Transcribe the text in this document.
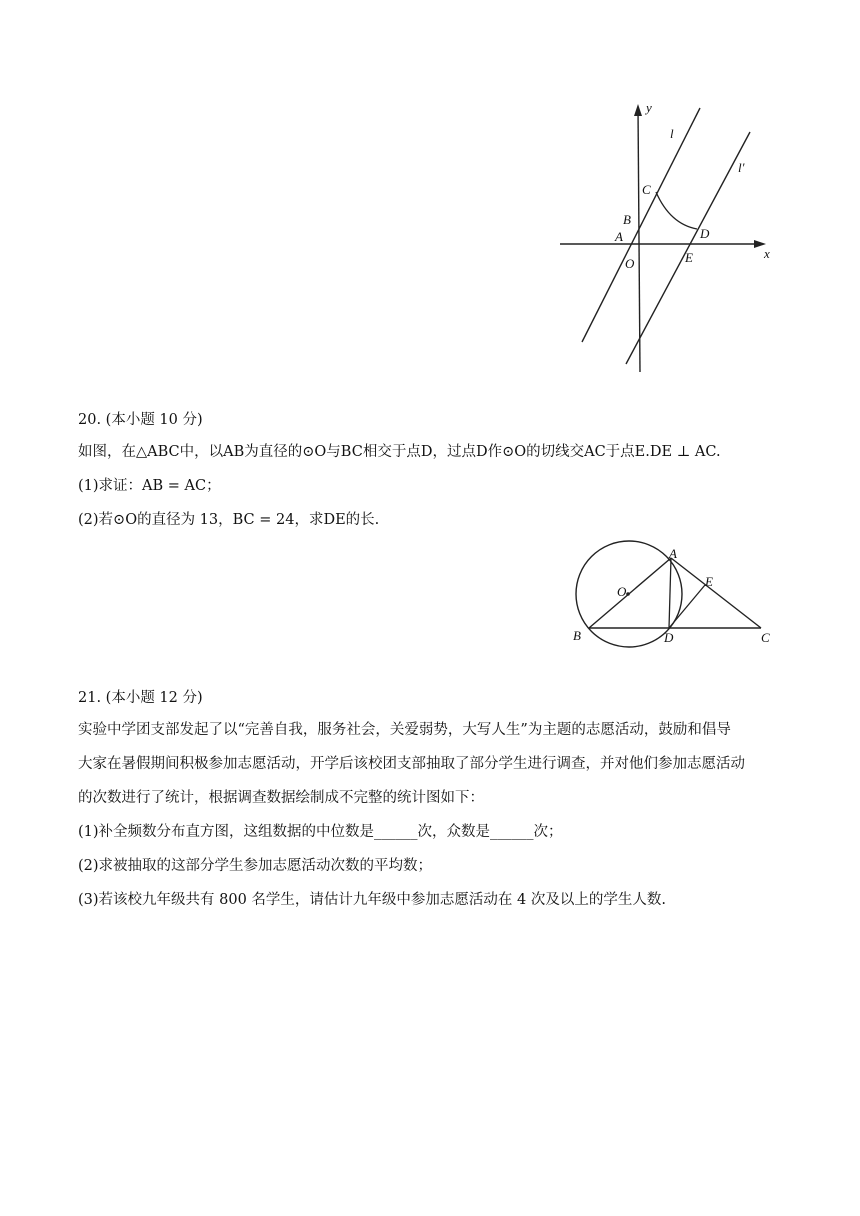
y
x
l
l′
C
B
A	D
O	E
20. (本小题 10 分)
如图，在△ABC中，以AB为直径的⊙O与BC相交于点D，过点D作⊙O的切线交AC于点E.DE ⊥ AC.
(1)求证：AB = AC；
(2)若⊙O的直径为 13，BC = 24，求DE的长.
A
E
O
B	D	C
21. (本小题 12 分)
实验中学团支部发起了以“完善自我，服务社会，关爱弱势，大写人生”为主题的志愿活动，鼓励和倡导
大家在暑假期间积极参加志愿活动，开学后该校团支部抽取了部分学生进行调查，并对他们参加志愿活动
的次数进行了统计，根据调查数据绘制成不完整的统计图如下：
(1)补全频数分布直方图，这组数据的中位数是______次，众数是______次；
(2)求被抽取的这部分学生参加志愿活动次数的平均数；
(3)若该校九年级共有 800 名学生，请估计九年级中参加志愿活动在 4 次及以上的学生人数.
